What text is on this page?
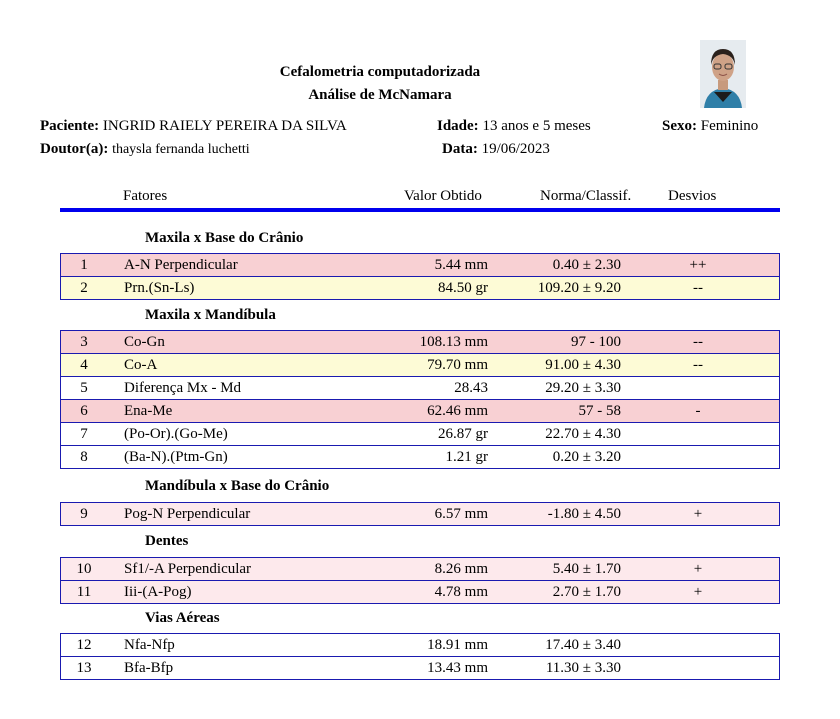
Cefalometria computadorizada
Análise de McNamara
Paciente: INGRID RAIELY PEREIRA DA SILVA	Idade: 13 anos e 5 meses	Sexo: Feminino
Doutor(a): thaysla fernanda luchetti	Data: 19/06/2023
Fatores	Valor Obtido	Norma/Classif. Desvios
Maxila x Base do Crânio
1	A-N Perpendicular	5.44 mm	0.40 ± 2.30	++
2	Prn.(Sn-Ls)	84.50 gr	109.20 ± 9.20	--
Maxila x Mandíbula
3	Co-Gn	108.13 mm	97 - 100	--
4	Co-A	79.70 mm	91.00 ± 4.30	--
5	Diferença Mx - Md	28.43	29.20 ± 3.30
6	Ena-Me	62.46 mm	57 - 58	-
7	(Po-Or).(Go-Me)	26.87 gr	22.70 ± 4.30
8	(Ba-N).(Ptm-Gn)	1.21 gr	0.20 ± 3.20
Mandíbula x Base do Crânio
9	Pog-N Perpendicular	6.57 mm	-1.80 ± 4.50	+
Dentes
10	Sf1/-A Perpendicular	8.26 mm	5.40 ± 1.70	+
11	Iii-(A-Pog)	4.78 mm	2.70 ± 1.70	+
Vias Aéreas
12	Nfa-Nfp	18.91 mm	17.40 ± 3.40
13	Bfa-Bfp	13.43 mm	11.30 ± 3.30
